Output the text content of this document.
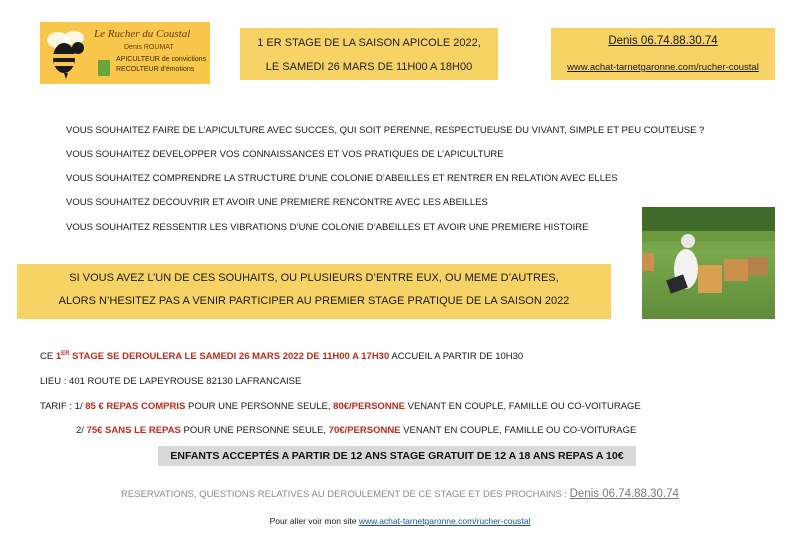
Le Rucher du Coustal
Denis ROUMAT
APICULTEUR de convictions
RECOLTEUR d'émotions
1 ER STAGE DE LA SAISON APICOLE 2022,
LE SAMEDI 26 MARS DE 11H00 A 18H00
Denis 06.74.88.30.74
www.achat-tarnetgaronne.com/rucher-coustal
VOUS SOUHAITEZ FAIRE DE L’APICULTURE AVEC SUCCES, QUI SOIT PERENNE, RESPECTUEUSE DU VIVANT, SIMPLE ET PEU COUTEUSE ?
VOUS SOUHAITEZ DEVELOPPER VOS CONNAISSANCES ET VOS PRATIQUES DE L’APICULTURE
VOUS SOUHAITEZ COMPRENDRE LA STRUCTURE D’UNE COLONIE D’ABEILLES ET RENTRER EN RELATION AVEC ELLES
VOUS SOUHAITEZ DECOUVRIR ET AVOIR UNE PREMIERE RENCONTRE AVEC LES ABEILLES
VOUS SOUHAITEZ RESSENTIR LES VIBRATIONS D’UNE COLONIE D’ABEILLES ET AVOIR UNE PREMIERE HISTOIRE
SI VOUS AVEZ L’UN DE CES SOUHAITS, OU PLUSIEURS D’ENTRE EUX, OU MEME D’AUTRES,
ALORS N’HESITEZ PAS A VENIR PARTICIPER AU PREMIER STAGE PRATIQUE DE LA SAISON 2022
CE 1ER STAGE SE DEROULERA LE SAMEDI 26 MARS 2022 DE 11H00 A 17H30 ACCUEIL A PARTIR DE 10H30
LIEU : 401 ROUTE DE LAPEYROUSE 82130 LAFRANCAISE
TARIF : 1/ 85 € REPAS COMPRIS POUR UNE PERSONNE SEULE, 80€/PERSONNE VENANT EN COUPLE, FAMILLE OU CO-VOITURAGE
2/ 75€ SANS LE REPAS POUR UNE PERSONNE SEULE, 70€/PERSONNE VENANT EN COUPLE, FAMILLE OU CO-VOITURAGE
ENFANTS ACCEPTÉS A PARTIR DE 12 ANS STAGE GRATUIT DE 12 A 18 ANS REPAS A 10€
RESERVATIONS, QUESTIONS RELATIVES AU DEROULEMENT DE CE STAGE ET DES PROCHAINS : Denis 06.74.88.30.74
Pour aller voir mon site www.achat-tarnetgaronne.com/rucher-coustal
